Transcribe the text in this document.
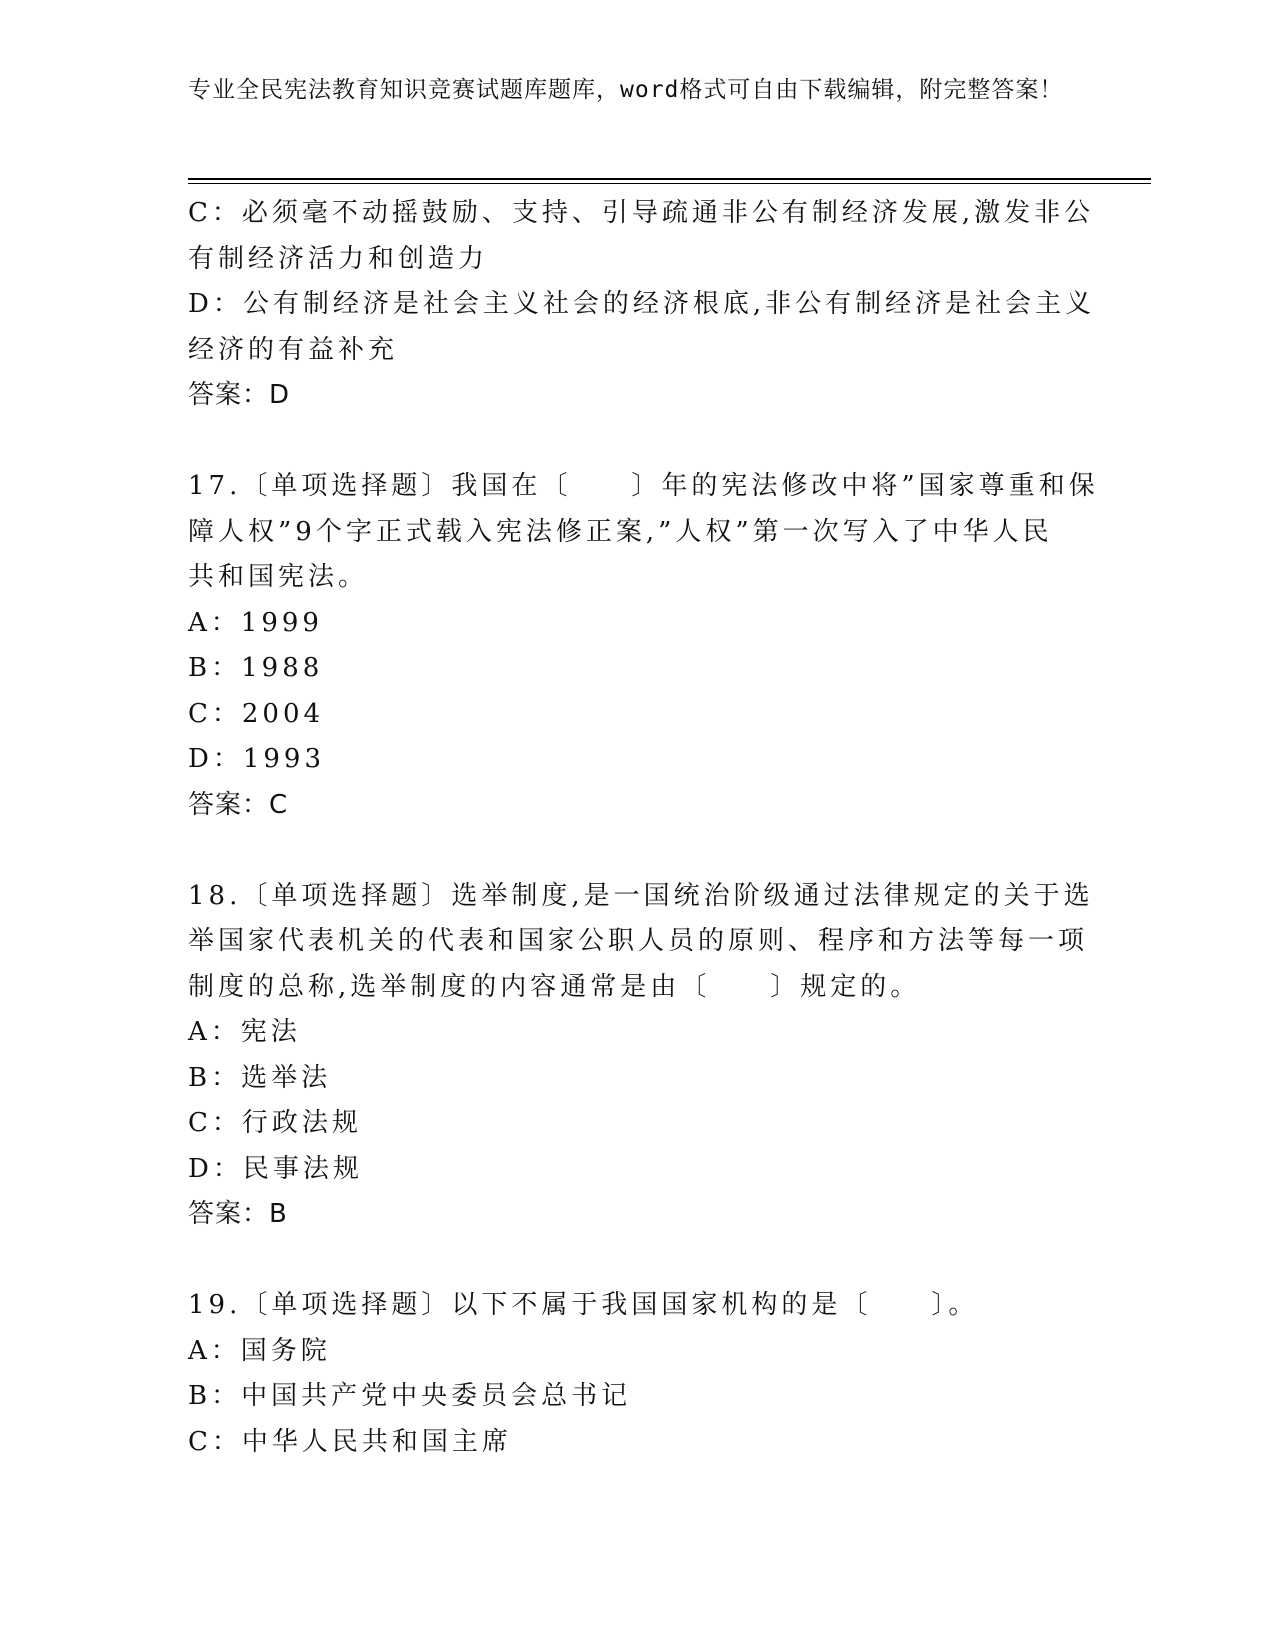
专业全民宪法教育知识竞赛试题库题库，word格式可自由下载编辑，附完整答案！
C：必须毫不动摇鼓励、支持、引导疏通非公有制经济发展,激发非公
有制经济活力和创造力
D：公有制经济是社会主义社会的经济根底,非公有制经济是社会主义
经济的有益补充
答案：D
17.〔单项选择题〕我国在〔　　〕年的宪法修改中将”国家尊重和保
障人权”9个字正式载入宪法修正案,”人权”第一次写入了中华人民
共和国宪法。
A：1999
B：1988
C：2004
D：1993
答案：C
18.〔单项选择题〕选举制度,是一国统治阶级通过法律规定的关于选
举国家代表机关的代表和国家公职人员的原则、程序和方法等每一项
制度的总称,选举制度的内容通常是由〔　　〕规定的。
A：宪法
B：选举法
C：行政法规
D：民事法规
答案：B
19.〔单项选择题〕以下不属于我国国家机构的是〔　　〕。
A：国务院
B：中国共产党中央委员会总书记
C：中华人民共和国主席
